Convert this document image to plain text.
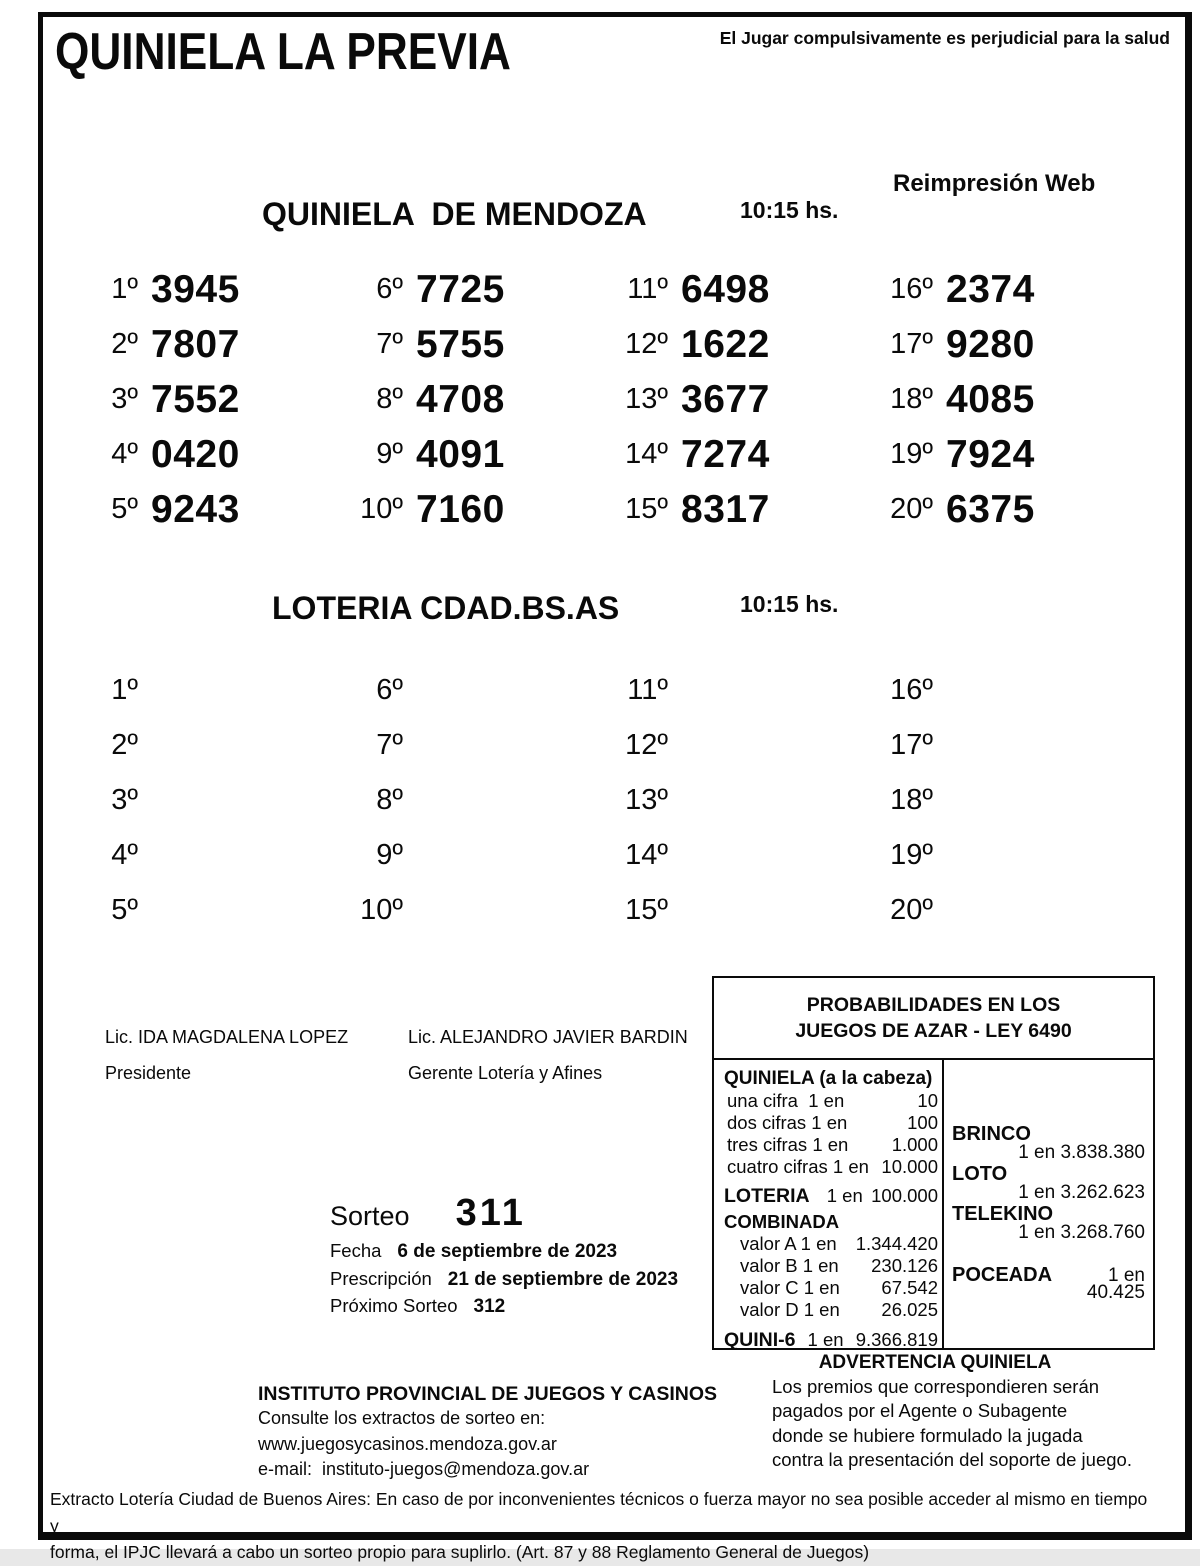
QUINIELA LA PREVIA	El Jugar compulsivamente es perjudicial para la salud
Reimpresión Web
QUINIELA  DE MENDOZA	10:15 hs.
1º 3945
2º 7807
3º 7552
4º 0420
5º 9243
6º 7725
7º 5755
8º 4708
9º 4091
10º 7160
11º 6498
12º 1622
13º 3677
14º 7274
15º 8317
16º 2374
17º 9280
18º 4085
19º 7924
20º 6375
LOTERIA CDAD.BS.AS	10:15 hs.
1º
2º
3º
4º
5º
6º
7º
8º
9º
10º
11º
12º
13º
14º
15º
16º
17º
18º
19º
20º
Lic. IDA MAGDALENA LOPEZ
Presidente
Lic. ALEJANDRO JAVIER BARDIN
Gerente Lotería y Afines
PROBABILIDADES EN LOS
JUEGOS DE AZAR - LEY 6490
QUINIELA (a la cabeza)
una cifra  1 en	10
dos cifras 1 en	100
tres cifras 1 en 1.000
cuatro cifras 1 en 10.000
LOTERIA 1 en 100.000
COMBINADA
valor A 1 en 1.344.420
valor B 1 en 230.126
valor C 1 en 67.542
valor D 1 en 26.025
QUINI-6 1 en 9.366.819
BRINCO
1 en 3.838.380
LOTO
1 en 3.262.623
TELEKINO
1 en 3.268.760
POCEADA	1 en 40.425
Sorteo 311
Fecha 6 de septiembre de 2023
Prescripción 21 de septiembre de 2023
Próximo Sorteo 312
INSTITUTO PROVINCIAL DE JUEGOS Y CASINOS
Consulte los extractos de sorteo en:
www.juegosycasinos.mendoza.gov.ar
e-mail:  instituto-juegos@mendoza.gov.ar
ADVERTENCIA QUINIELA
Los premios que correspondieren serán
pagados por el Agente o Subagente
donde se hubiere formulado la jugada
contra la presentación del soporte de juego.
Extracto Lotería Ciudad de Buenos Aires: En caso de por inconvenientes técnicos o fuerza mayor no sea posible acceder al mismo en tiempo y
forma, el IPJC llevará a cabo un sorteo propio para suplirlo. (Art. 87 y 88 Reglamento General de Juegos)
